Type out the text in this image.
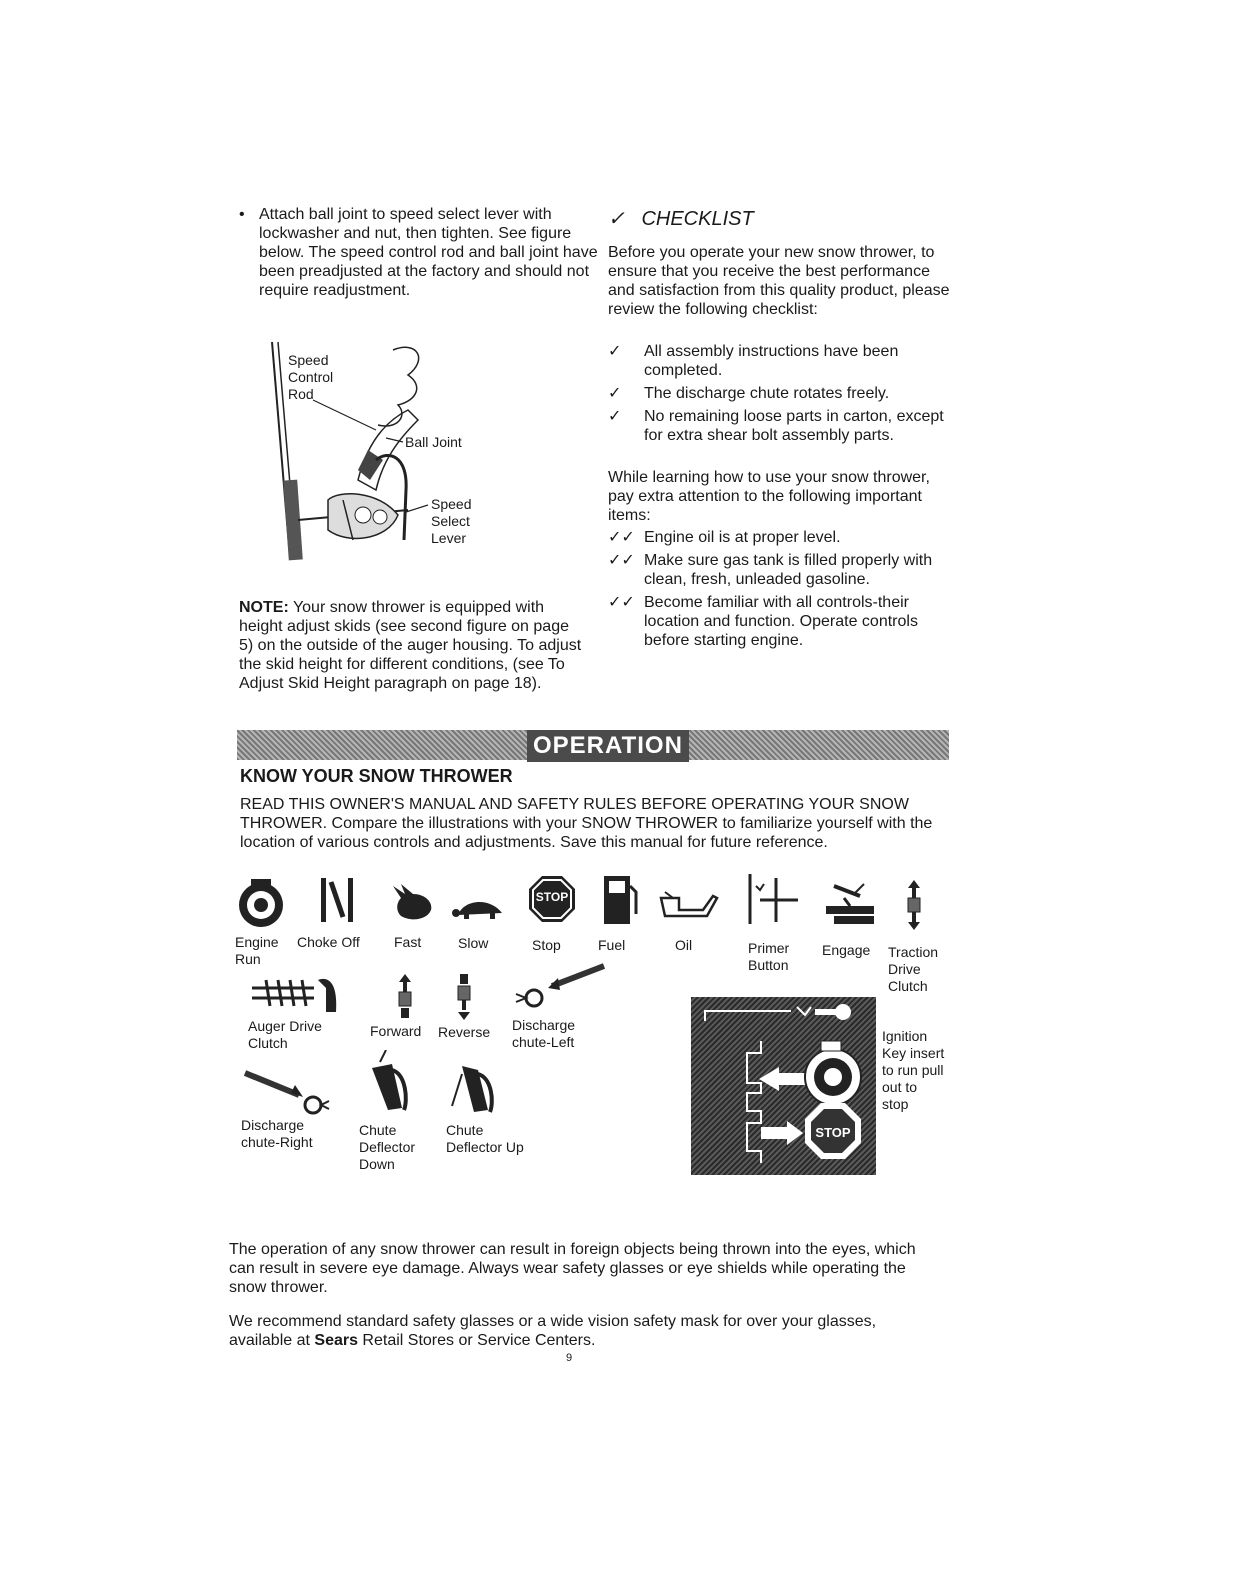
• Attach ball joint to speed select lever with lockwasher and nut, then tighten. See figure below. The speed control rod and ball joint have been preadjusted at the factory and should not require readjustment.
Speed
Control
Rod
Ball Joint
Speed
Select
Lever
NOTE: Your snow thrower is equipped with height adjust skids (see second figure on page 5) on the outside of the auger housing. To adjust the skid height for different conditions, (see To Adjust Skid Height paragraph on page 18).
✓ CHECKLIST
Before you operate your new snow thrower, to ensure that you receive the best performance and satisfaction from this quality product, please review the following checklist:
✓ All assembly instructions have been completed.
✓ The discharge chute rotates freely.
✓ No remaining loose parts in carton, except for extra shear bolt assembly parts.
While learning how to use your snow thrower, pay extra attention to the following important items:
✓✓ Engine oil is at proper level.
✓✓ Make sure gas tank is filled properly with clean, fresh, unleaded gasoline.
✓✓ Become familiar with all controls-their location and function. Operate controls before starting engine.
OPERATION
KNOW YOUR SNOW THROWER
READ THIS OWNER'S MANUAL AND SAFETY RULES BEFORE OPERATING YOUR SNOW THROWER. Compare the illustrations with your SNOW THROWER to familiarize yourself with the location of various controls and adjustments. Save this manual for future reference.
STOP
Engine Run
Choke Off Fast	Slow	Stop	Fuel	Oil	Primer Button
Engage Traction Drive Clutch
Auger Drive Clutch
Forward Reverse Discharge chute-Left
Discharge chute-Right
Chute Deflector Down
Chute Deflector Up
STOP
Ignition Key insert to run pull out to stop
The operation of any snow thrower can result in foreign objects being thrown into the eyes, which can result in severe eye damage. Always wear safety glasses or eye shields while operating the snow thrower.
We recommend standard safety glasses or a wide vision safety mask for over your glasses, available at Sears Retail Stores or Service Centers.
9
